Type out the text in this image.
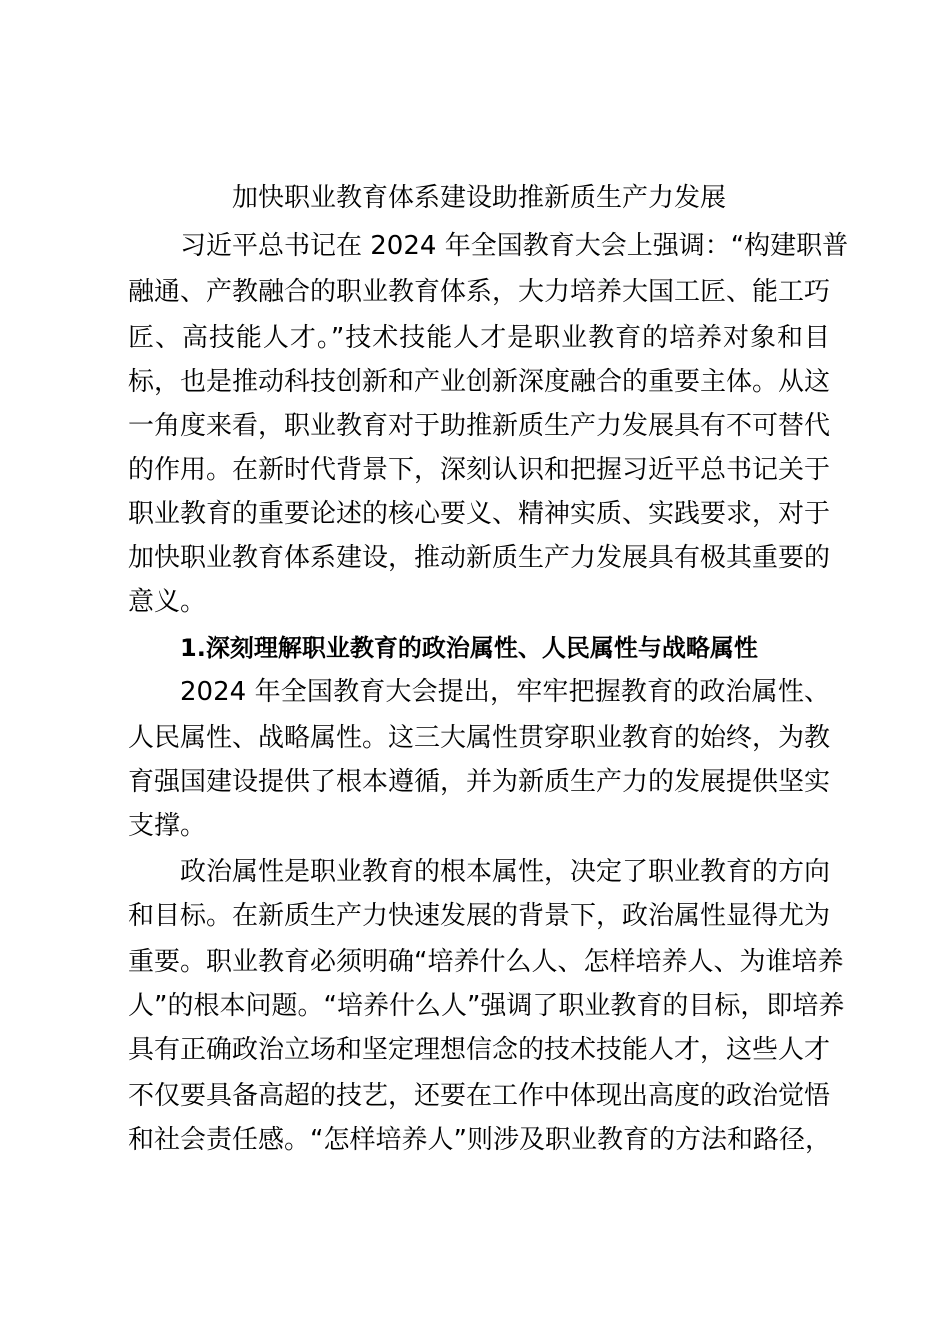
加快职业教育体系建设助推新质生产力发展
习近平总书记在 2024 年全国教育大会上强调：“构建职普
融通、产教融合的职业教育体系，大力培养大国工匠、能工巧
匠、高技能人才。”技术技能人才是职业教育的培养对象和目
标，也是推动科技创新和产业创新深度融合的重要主体。从这
一角度来看，职业教育对于助推新质生产力发展具有不可替代
的作用。在新时代背景下，深刻认识和把握习近平总书记关于
职业教育的重要论述的核心要义、精神实质、实践要求，对于
加快职业教育体系建设，推动新质生产力发展具有极其重要的
意义。
1.深刻理解职业教育的政治属性、人民属性与战略属性
2024 年全国教育大会提出，牢牢把握教育的政治属性、
人民属性、战略属性。这三大属性贯穿职业教育的始终，为教
育强国建设提供了根本遵循，并为新质生产力的发展提供坚实
支撑。
政治属性是职业教育的根本属性，决定了职业教育的方向
和目标。在新质生产力快速发展的背景下，政治属性显得尤为
重要。职业教育必须明确“培养什么人、怎样培养人、为谁培养
人”的根本问题。“培养什么人”强调了职业教育的目标，即培养
具有正确政治立场和坚定理想信念的技术技能人才，这些人才
不仅要具备高超的技艺，还要在工作中体现出高度的政治觉悟
和社会责任感。“怎样培养人”则涉及职业教育的方法和路径，
